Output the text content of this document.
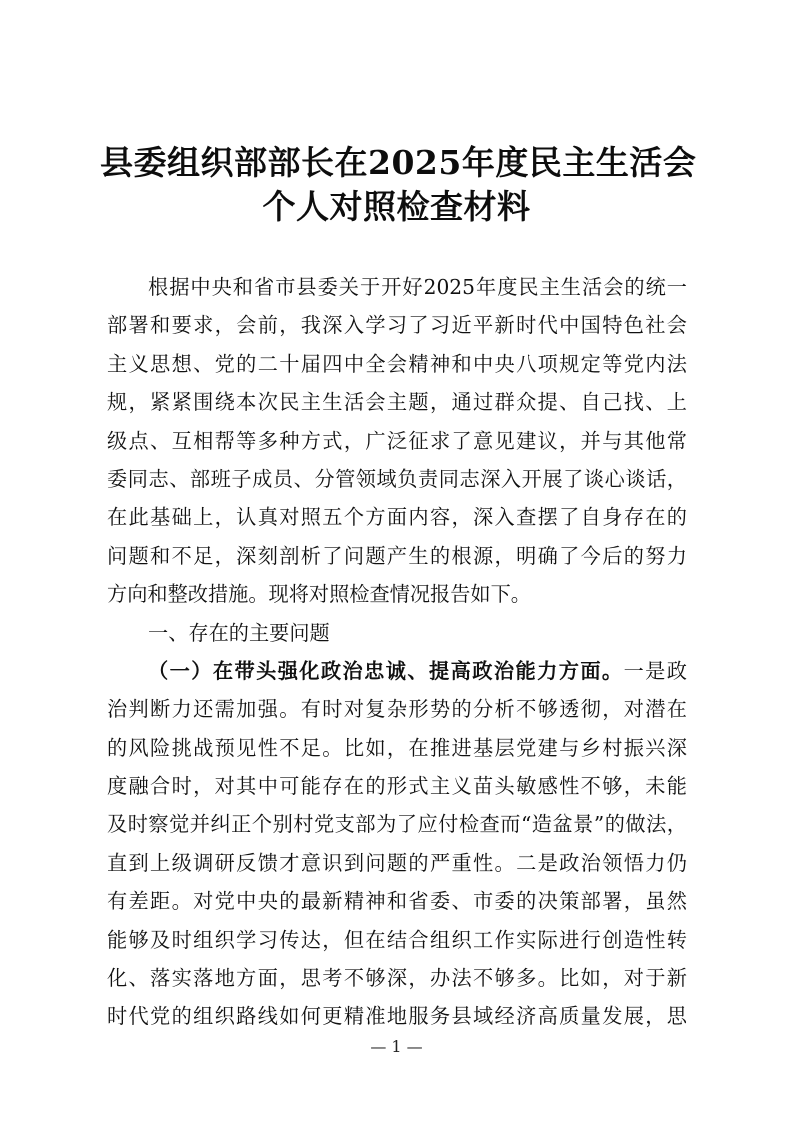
县委组织部部长在2025年度民主生活会
个人对照检查材料
根据中央和省市县委关于开好2025年度民主生活会的统一
部署和要求，会前，我深入学习了习近平新时代中国特色社会
主义思想、党的二十届四中全会精神和中央八项规定等党内法
规，紧紧围绕本次民主生活会主题，通过群众提、自己找、上
级点、互相帮等多种方式，广泛征求了意见建议，并与其他常
委同志、部班子成员、分管领域负责同志深入开展了谈心谈话，
在此基础上，认真对照五个方面内容，深入查摆了自身存在的
问题和不足，深刻剖析了问题产生的根源，明确了今后的努力
方向和整改措施。现将对照检查情况报告如下。
一、存在的主要问题
（一）在带头强化政治忠诚、提高政治能力方面。一是政
治判断力还需加强。有时对复杂形势的分析不够透彻，对潜在
的风险挑战预见性不足。比如，在推进基层党建与乡村振兴深
度融合时，对其中可能存在的形式主义苗头敏感性不够，未能
及时察觉并纠正个别村党支部为了应付检查而“造盆景”的做法，
直到上级调研反馈才意识到问题的严重性。二是政治领悟力仍
有差距。对党中央的最新精神和省委、市委的决策部署，虽然
能够及时组织学习传达，但在结合组织工作实际进行创造性转
化、落实落地方面，思考不够深，办法不够多。比如，对于新
时代党的组织路线如何更精准地服务县域经济高质量发展，思
— 1 —
